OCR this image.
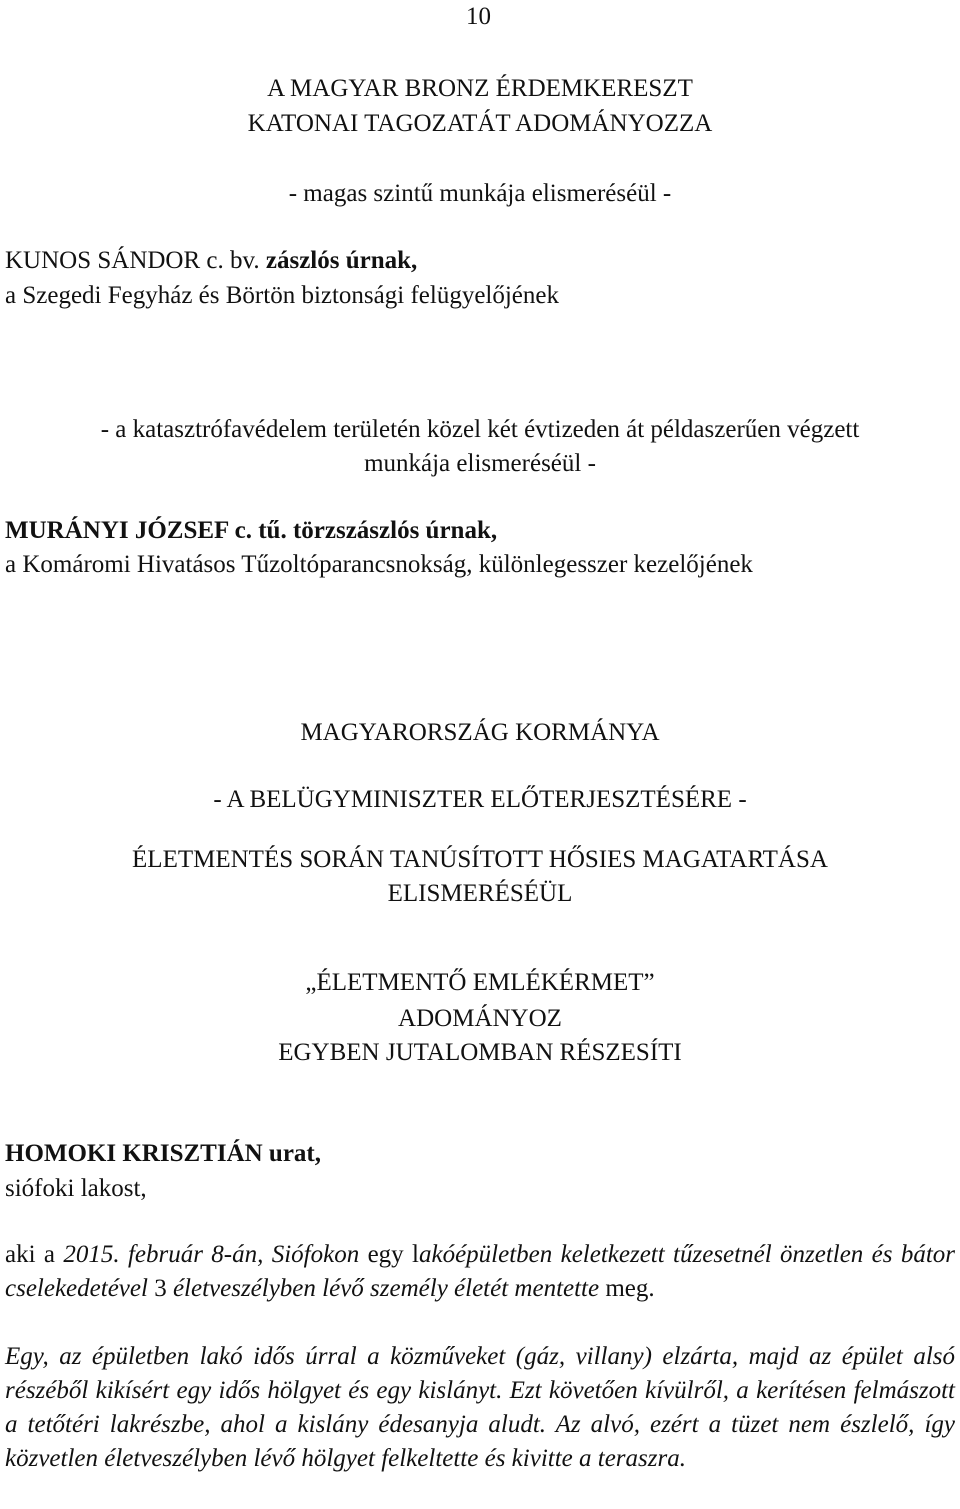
10
A MAGYAR BRONZ ÉRDEMKERESZT
KATONAI TAGOZATÁT ADOMÁNYOZZA
- magas szintű munkája elismeréséül -
KUNOS SÁNDOR c. bv. zászlós úrnak,
a Szegedi Fegyház és Börtön biztonsági felügyelőjének
- a katasztrófavédelem területén közel két évtizeden át példaszerűen végzett
munkája elismeréséül -
MURÁNYI JÓZSEF c. tű. törzszászlós úrnak,
a Komáromi Hivatásos Tűzoltóparancsnokság, különlegesszer kezelőjének
MAGYARORSZÁG KORMÁNYA
- A BELÜGYMINISZTER ELŐTERJESZTÉSÉRE -
ÉLETMENTÉS SORÁN TANÚSÍTOTT HŐSIES MAGATARTÁSA
ELISMERÉSÉÜL
„ÉLETMENTŐ EMLÉKÉRMET”
ADOMÁNYOZ
EGYBEN JUTALOMBAN RÉSZESÍTI
HOMOKI KRISZTIÁN urat,
siófoki lakost,

aki a 2015. február 8-án, Siófokon egy lakóépületben keletkezett tűzesetnél önzetlen és bátor cselekedetével 3 életveszélyben lévő személy életét mentette meg.

Egy, az épületben lakó idős úrral a közműveket (gáz, villany) elzárta, majd az épület alsó részéből kikísért egy idős hölgyet és egy kislányt. Ezt követően kívülről, a kerítésen felmászott a tetőtéri lakrészbe, ahol a kislány édesanyja aludt. Az alvó, ezért a tüzet nem észlelő, így közvetlen életveszélyben lévő hölgyet felkeltette és kivitte a teraszra.
